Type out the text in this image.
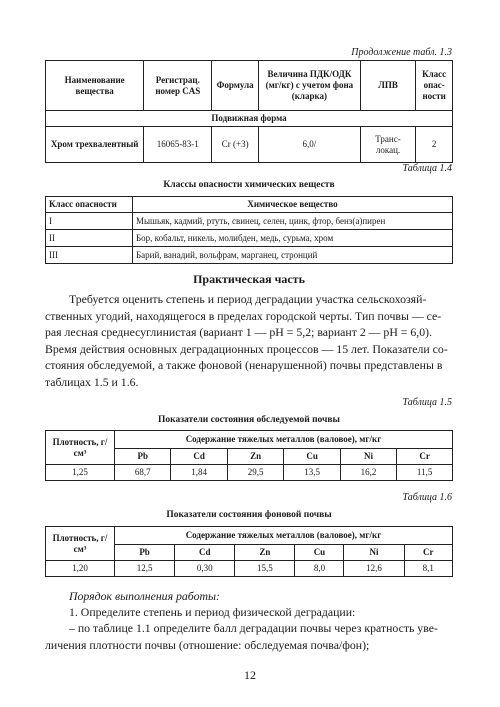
Продолжение табл. 1.3
Наименование вещества	Регистрац. номер CAS	Формула	Величина ПДК/ОДК (мг/кг) с учетом фона (кларка)	ЛПВ	Класс опас-ности
Подвижная форма					
Хром трехвалентный	16065-83-1	Cr (+3)	6,0/	Транс-локац.	2
Таблица 1.4
Классы опасности химических веществ
Класс опасности	Химическое вещество
I	Мышьяк, кадмий, ртуть, свинец, селен, цинк, фтор, бенз(а)пирен
II	Бор, кобальт, никель, молибден, медь, сурьма, хром
III	Барий, ванадий, вольфрам, марганец, стронций
Практическая часть
Требуется оценить степень и период деградации участка сельскохозяй-
ственных угодий, находящегося в пределах городской черты. Тип почвы — се-
рая лесная среднесуглинистая (вариант 1 — pH = 5,2; вариант 2 — pH = 6,0).
Время действия основных деградационных процессов — 15 лет. Показатели со-
стояния обследуемой, а также фоновой (ненарушенной) почвы представлены в
таблицах 1.5 и 1.6.
Таблица 1.5
Показатели состояния обследуемой почвы
Плотность, г/см³	Содержание тяжелых металлов (валовое), мг/кг					
	Pb	Cd	Zn	Cu	Ni	Cr
1,25	68,7	1,84	29,5	13,5	16,2	11,5
Таблица 1.6
Показатели состояния фоновой почвы
Плотность, г/см³	Содержание тяжелых металлов (валовое), мг/кг					
	Pb	Cd	Zn	Cu	Ni	Cr
1,20	12,5	0,30	15,5	8,0	12,6	8,1
Порядок выполнения работы:
1. Определите степень и период физической деградации:
– по таблице 1.1 определите балл деградации почвы через кратность уве-
личения плотности почвы (отношение: обследуемая почва/фон);
12
